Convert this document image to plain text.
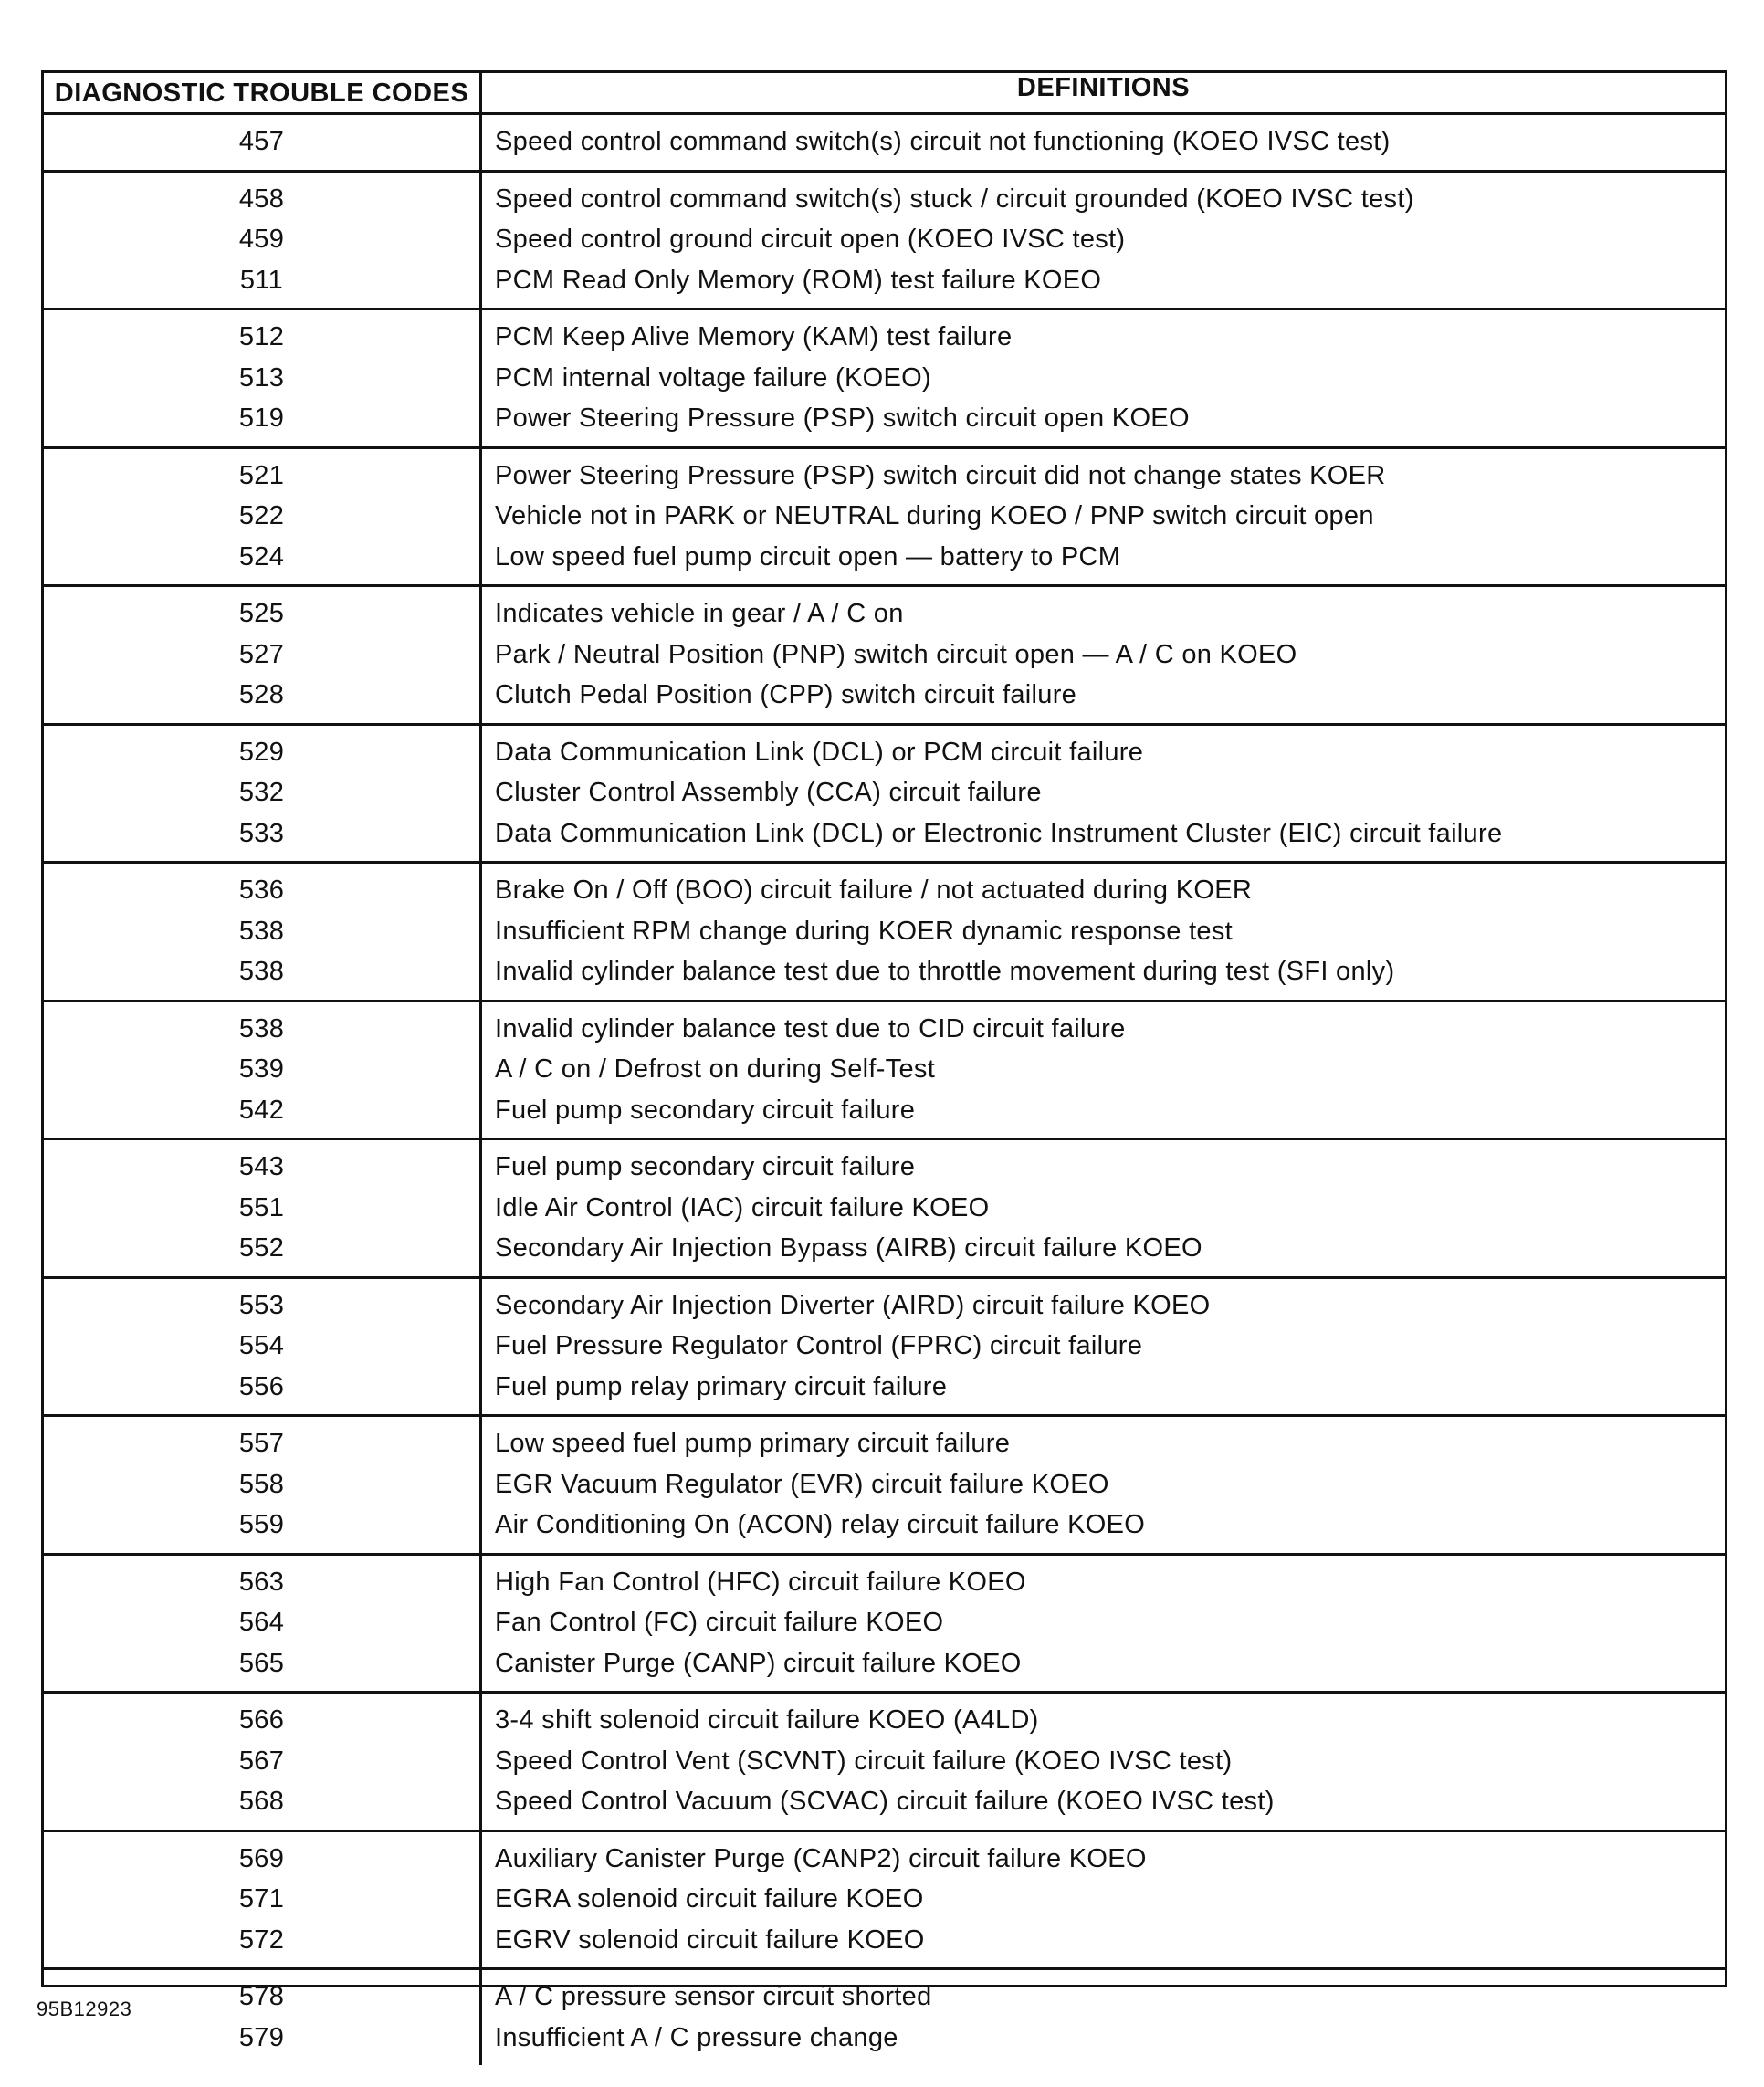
DIAGNOSTIC TROUBLE CODES	DEFINITIONS
457	Speed control command switch(s) circuit not functioning (KOEO IVSC test)
458
459
511
Speed control command switch(s) stuck / circuit grounded (KOEO IVSC test)
Speed control ground circuit open (KOEO IVSC test)
PCM Read Only Memory (ROM) test failure KOEO
512
513
519
PCM Keep Alive Memory (KAM) test failure
PCM internal voltage failure (KOEO)
Power Steering Pressure (PSP) switch circuit open KOEO
521
522
524
Power Steering Pressure (PSP) switch circuit did not change states KOER
Vehicle not in PARK or NEUTRAL during KOEO / PNP switch circuit open
Low speed fuel pump circuit open — battery to PCM
525
527
528
Indicates vehicle in gear / A / C on
Park / Neutral Position (PNP) switch circuit open — A / C on KOEO
Clutch Pedal Position (CPP) switch circuit failure
529
532
533
Data Communication Link (DCL) or PCM circuit failure
Cluster Control Assembly (CCA) circuit failure
Data Communication Link (DCL) or Electronic Instrument Cluster (EIC) circuit failure
536
538
538
Brake On / Off (BOO) circuit failure / not actuated during KOER
Insufficient RPM change during KOER dynamic response test
Invalid cylinder balance test due to throttle movement during test (SFI only)
538
539
542
Invalid cylinder balance test due to CID circuit failure
A / C on / Defrost on during Self-Test
Fuel pump secondary circuit failure
543
551
552
Fuel pump secondary circuit failure
Idle Air Control (IAC) circuit failure KOEO
Secondary Air Injection Bypass (AIRB) circuit failure KOEO
553
554
556
Secondary Air Injection Diverter (AIRD) circuit failure KOEO
Fuel Pressure Regulator Control (FPRC) circuit failure
Fuel pump relay primary circuit failure
557
558
559
Low speed fuel pump primary circuit failure
EGR Vacuum Regulator (EVR) circuit failure KOEO
Air Conditioning On (ACON) relay circuit failure KOEO
563
564
565
High Fan Control (HFC) circuit failure KOEO
Fan Control (FC) circuit failure KOEO
Canister Purge (CANP) circuit failure KOEO
566
567
568
3-4 shift solenoid circuit failure KOEO (A4LD)
Speed Control Vent (SCVNT) circuit failure (KOEO IVSC test)
Speed Control Vacuum (SCVAC) circuit failure (KOEO IVSC test)
569
571
572
Auxiliary Canister Purge (CANP2) circuit failure KOEO
EGRA solenoid circuit failure KOEO
EGRV solenoid circuit failure KOEO
578
579
A / C pressure sensor circuit shorted
Insufficient A / C pressure change
95B12923
